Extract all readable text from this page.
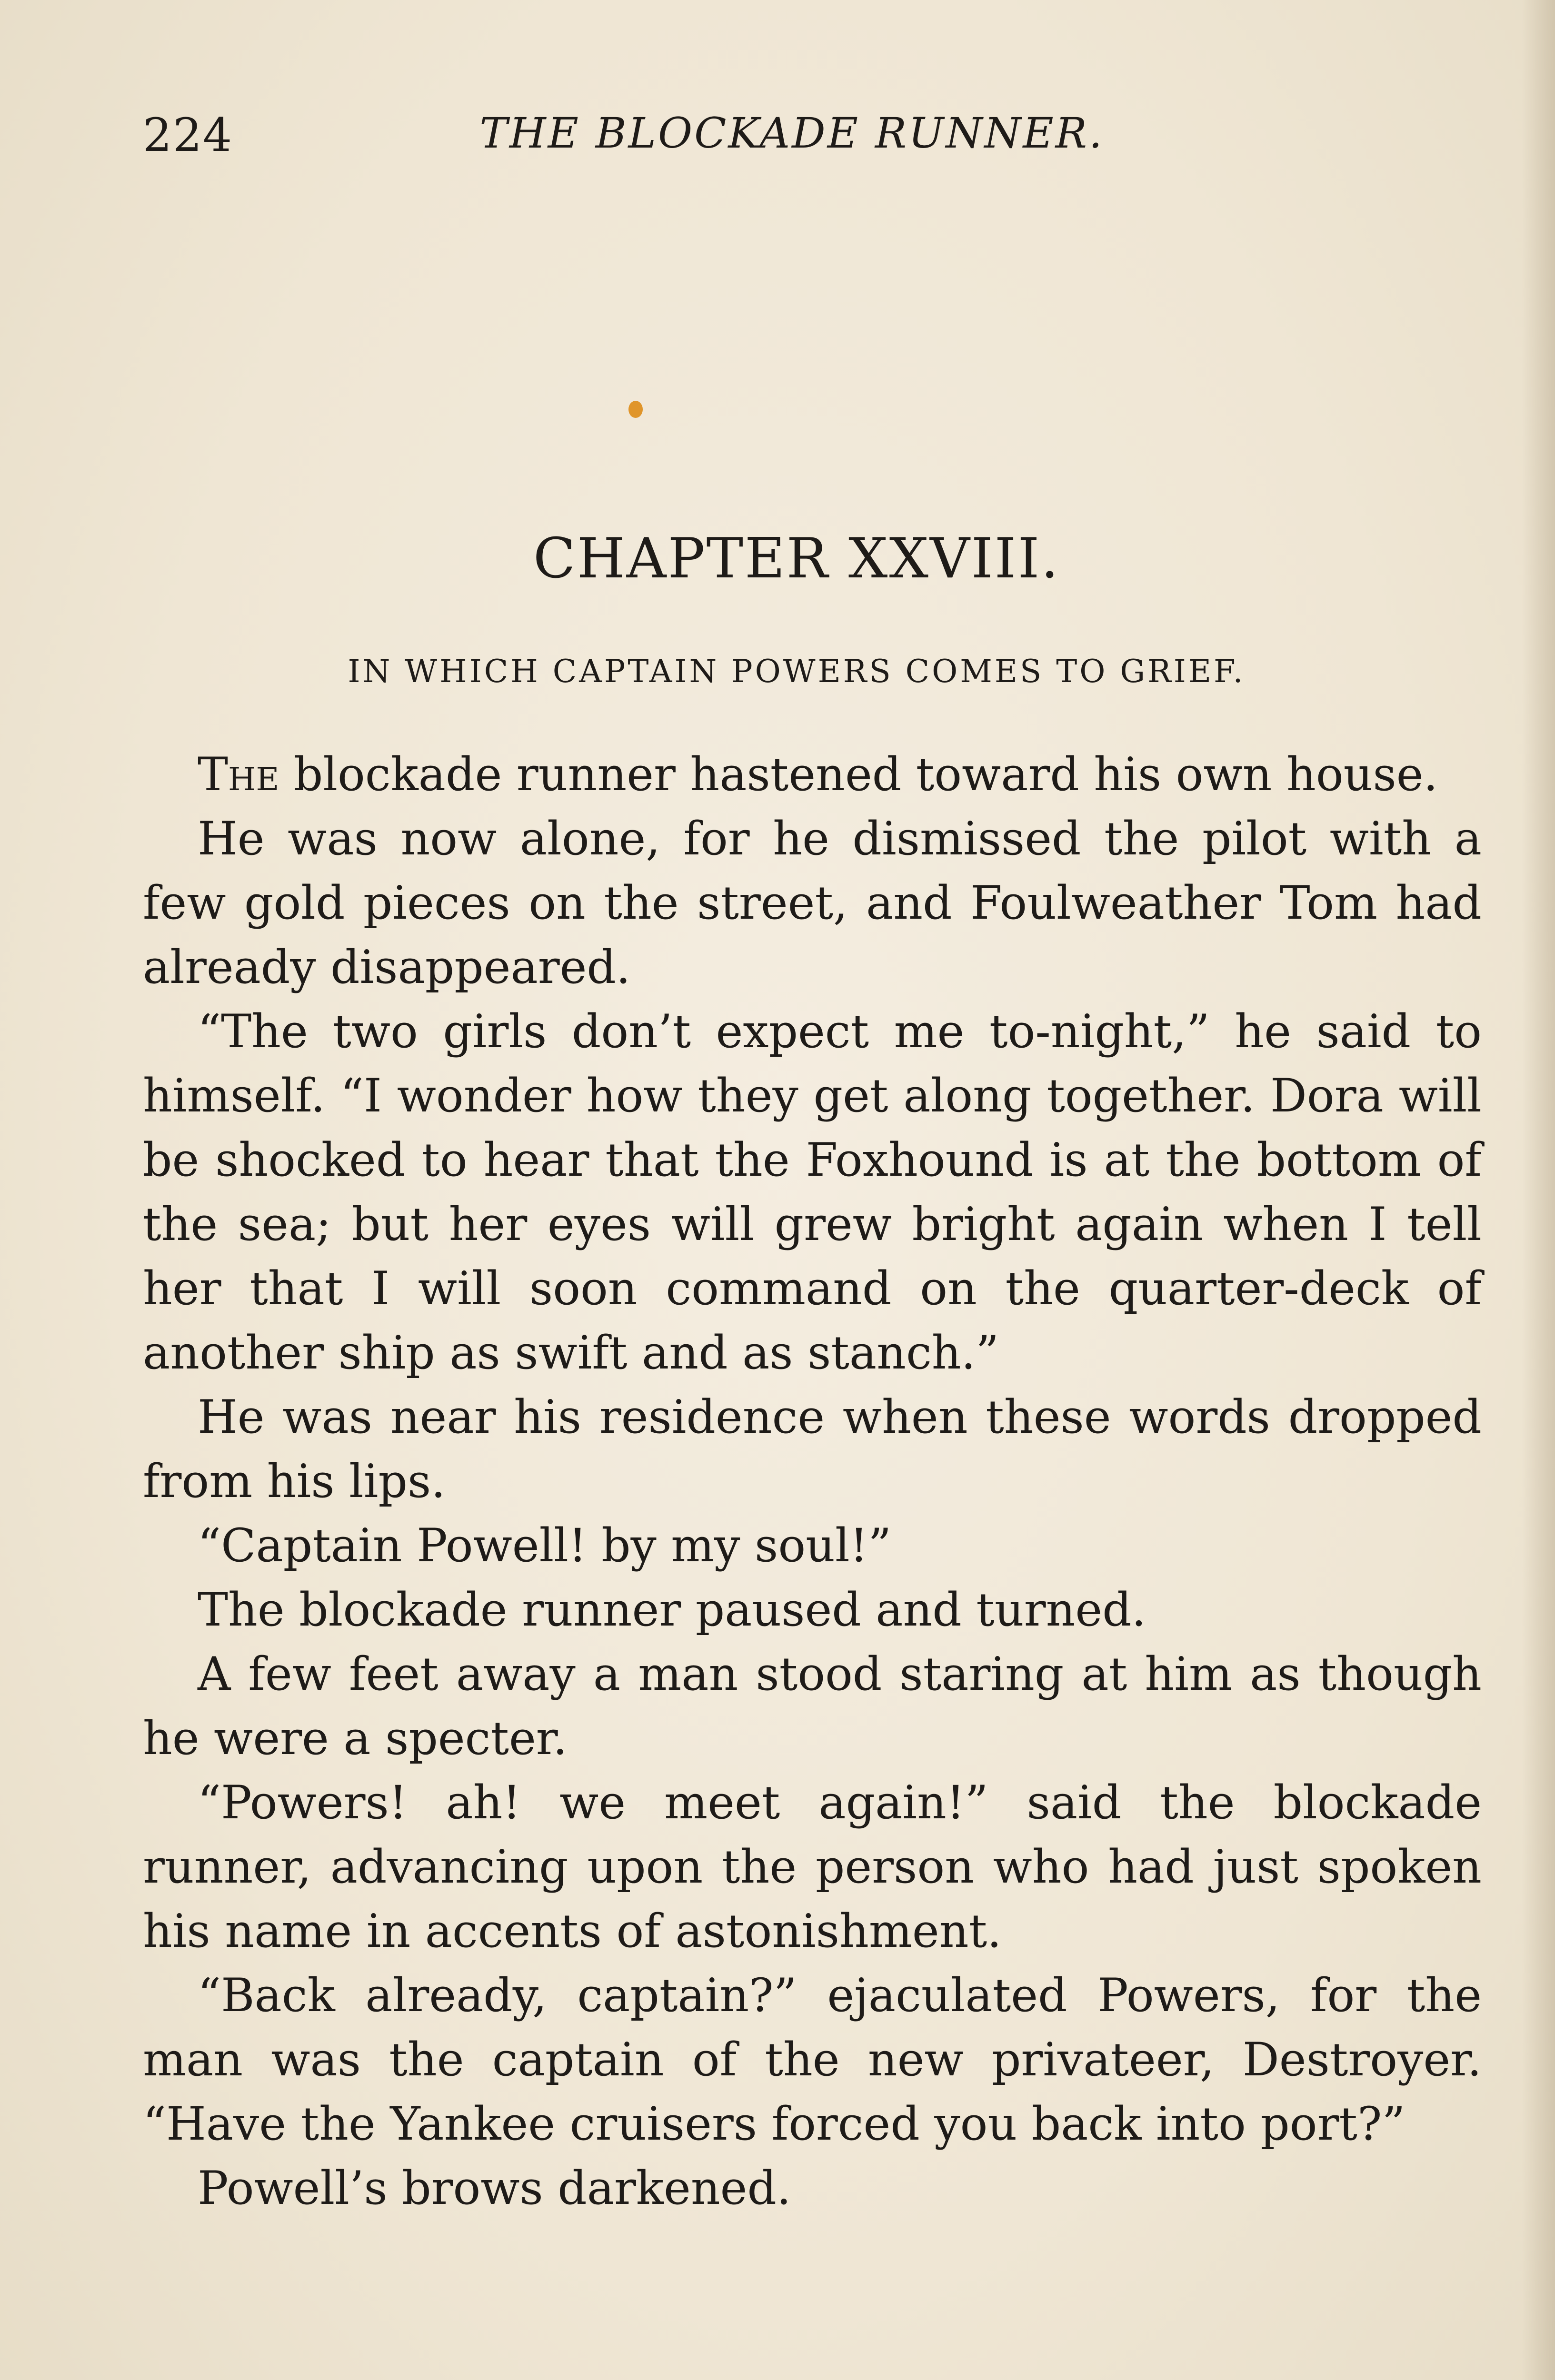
224	THE BLOCKADE RUNNER.
CHAPTER XXVIII.
IN WHICH CAPTAIN POWERS COMES TO GRIEF.

The blockade runner hastened toward his own house.

He was now alone, for he dismissed the pilot with a few gold pieces on the street, and Foulweather Tom had already disappeared.

“The two girls don’t expect me to-night,” he said to himself. “I wonder how they get along together. Dora will be shocked to hear that the Foxhound is at the bottom of the sea; but her eyes will grew bright again when I tell her that I will soon command on the quarter-deck of another ship as swift and as stanch.”

He was near his residence when these words dropped from his lips.

“Captain Powell! by my soul!”

The blockade runner paused and turned.

A few feet away a man stood staring at him as though he were a specter.

“Powers! ah! we meet again!” said the blockade runner, advancing upon the person who had just spoken his name in accents of astonishment.

“Back already, captain?” ejaculated Powers, for the man was the captain of the new privateer, Destroyer. “Have the Yankee cruisers forced you back into port?”

Powell’s brows darkened.
